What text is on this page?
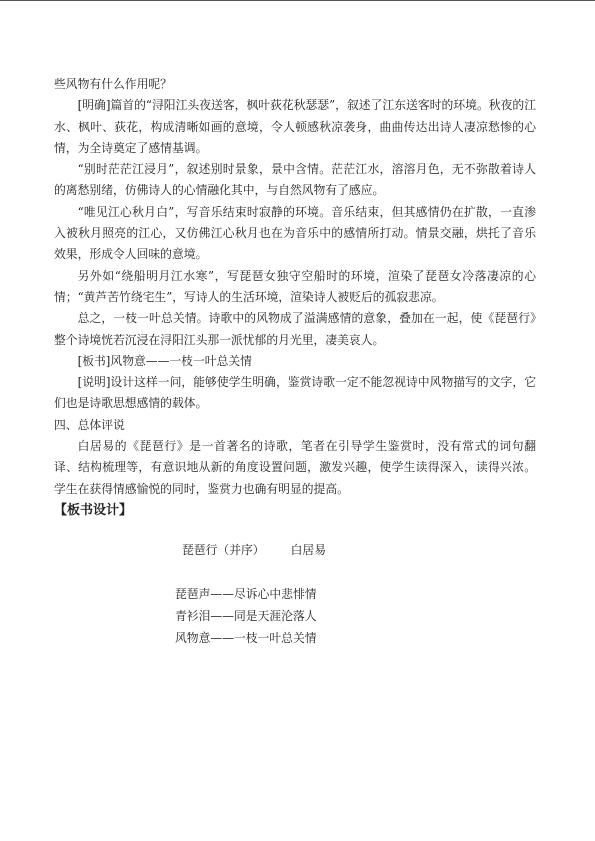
些风物有什么作用呢？

[明确]篇首的“浔阳江头夜送客，枫叶荻花秋瑟瑟”，叙述了江东送客时的环境。秋夜的江水、枫叶、荻花，构成清晰如画的意境，令人顿感秋凉袭身，曲曲传达出诗人凄凉愁惨的心情，为全诗奠定了感情基调。

“别时茫茫江浸月”，叙述别时景象，景中含情。茫茫江水，溶溶月色，无不弥散着诗人的离愁别绪，仿佛诗人的心情融化其中，与自然风物有了感应。

“唯见江心秋月白”，写音乐结束时寂静的环境。音乐结束，但其感情仍在扩散，一直渗入被秋月照亮的江心，又仿佛江心秋月也在为音乐中的感情所打动。情景交融，烘托了音乐效果，形成令人回味的意境。

另外如“绕船明月江水寒”，写琵琶女独守空船时的环境，渲染了琵琶女冷落凄凉的心情；“黄芦苦竹绕宅生”，写诗人的生活环境，渲染诗人被贬后的孤寂悲凉。

总之，一枝一叶总关情。诗歌中的风物成了溢满感情的意象，叠加在一起，使《琵琶行》整个诗境恍若沉浸在浔阳江头那一派忧郁的月光里，凄美哀人。

[板书]风物意——一枝一叶总关情

[说明]设计这样一问，能够使学生明确，鉴赏诗歌一定不能忽视诗中风物描写的文字，它们也是诗歌思想感情的载体。

四、总体评说

白居易的《琵琶行》是一首著名的诗歌，笔者在引导学生鉴赏时，没有常式的词句翻译、结构梳理等，有意识地从新的角度设置问题，激发兴趣，使学生读得深入，读得兴浓。学生在获得情感愉悦的同时，鉴赏力也确有明显的提高。

【板书设计】

琵琶行（并序） 白居易
琵琶声——尽诉心中悲悱情
青衫泪——同是天涯沦落人
风物意——一枝一叶总关情
